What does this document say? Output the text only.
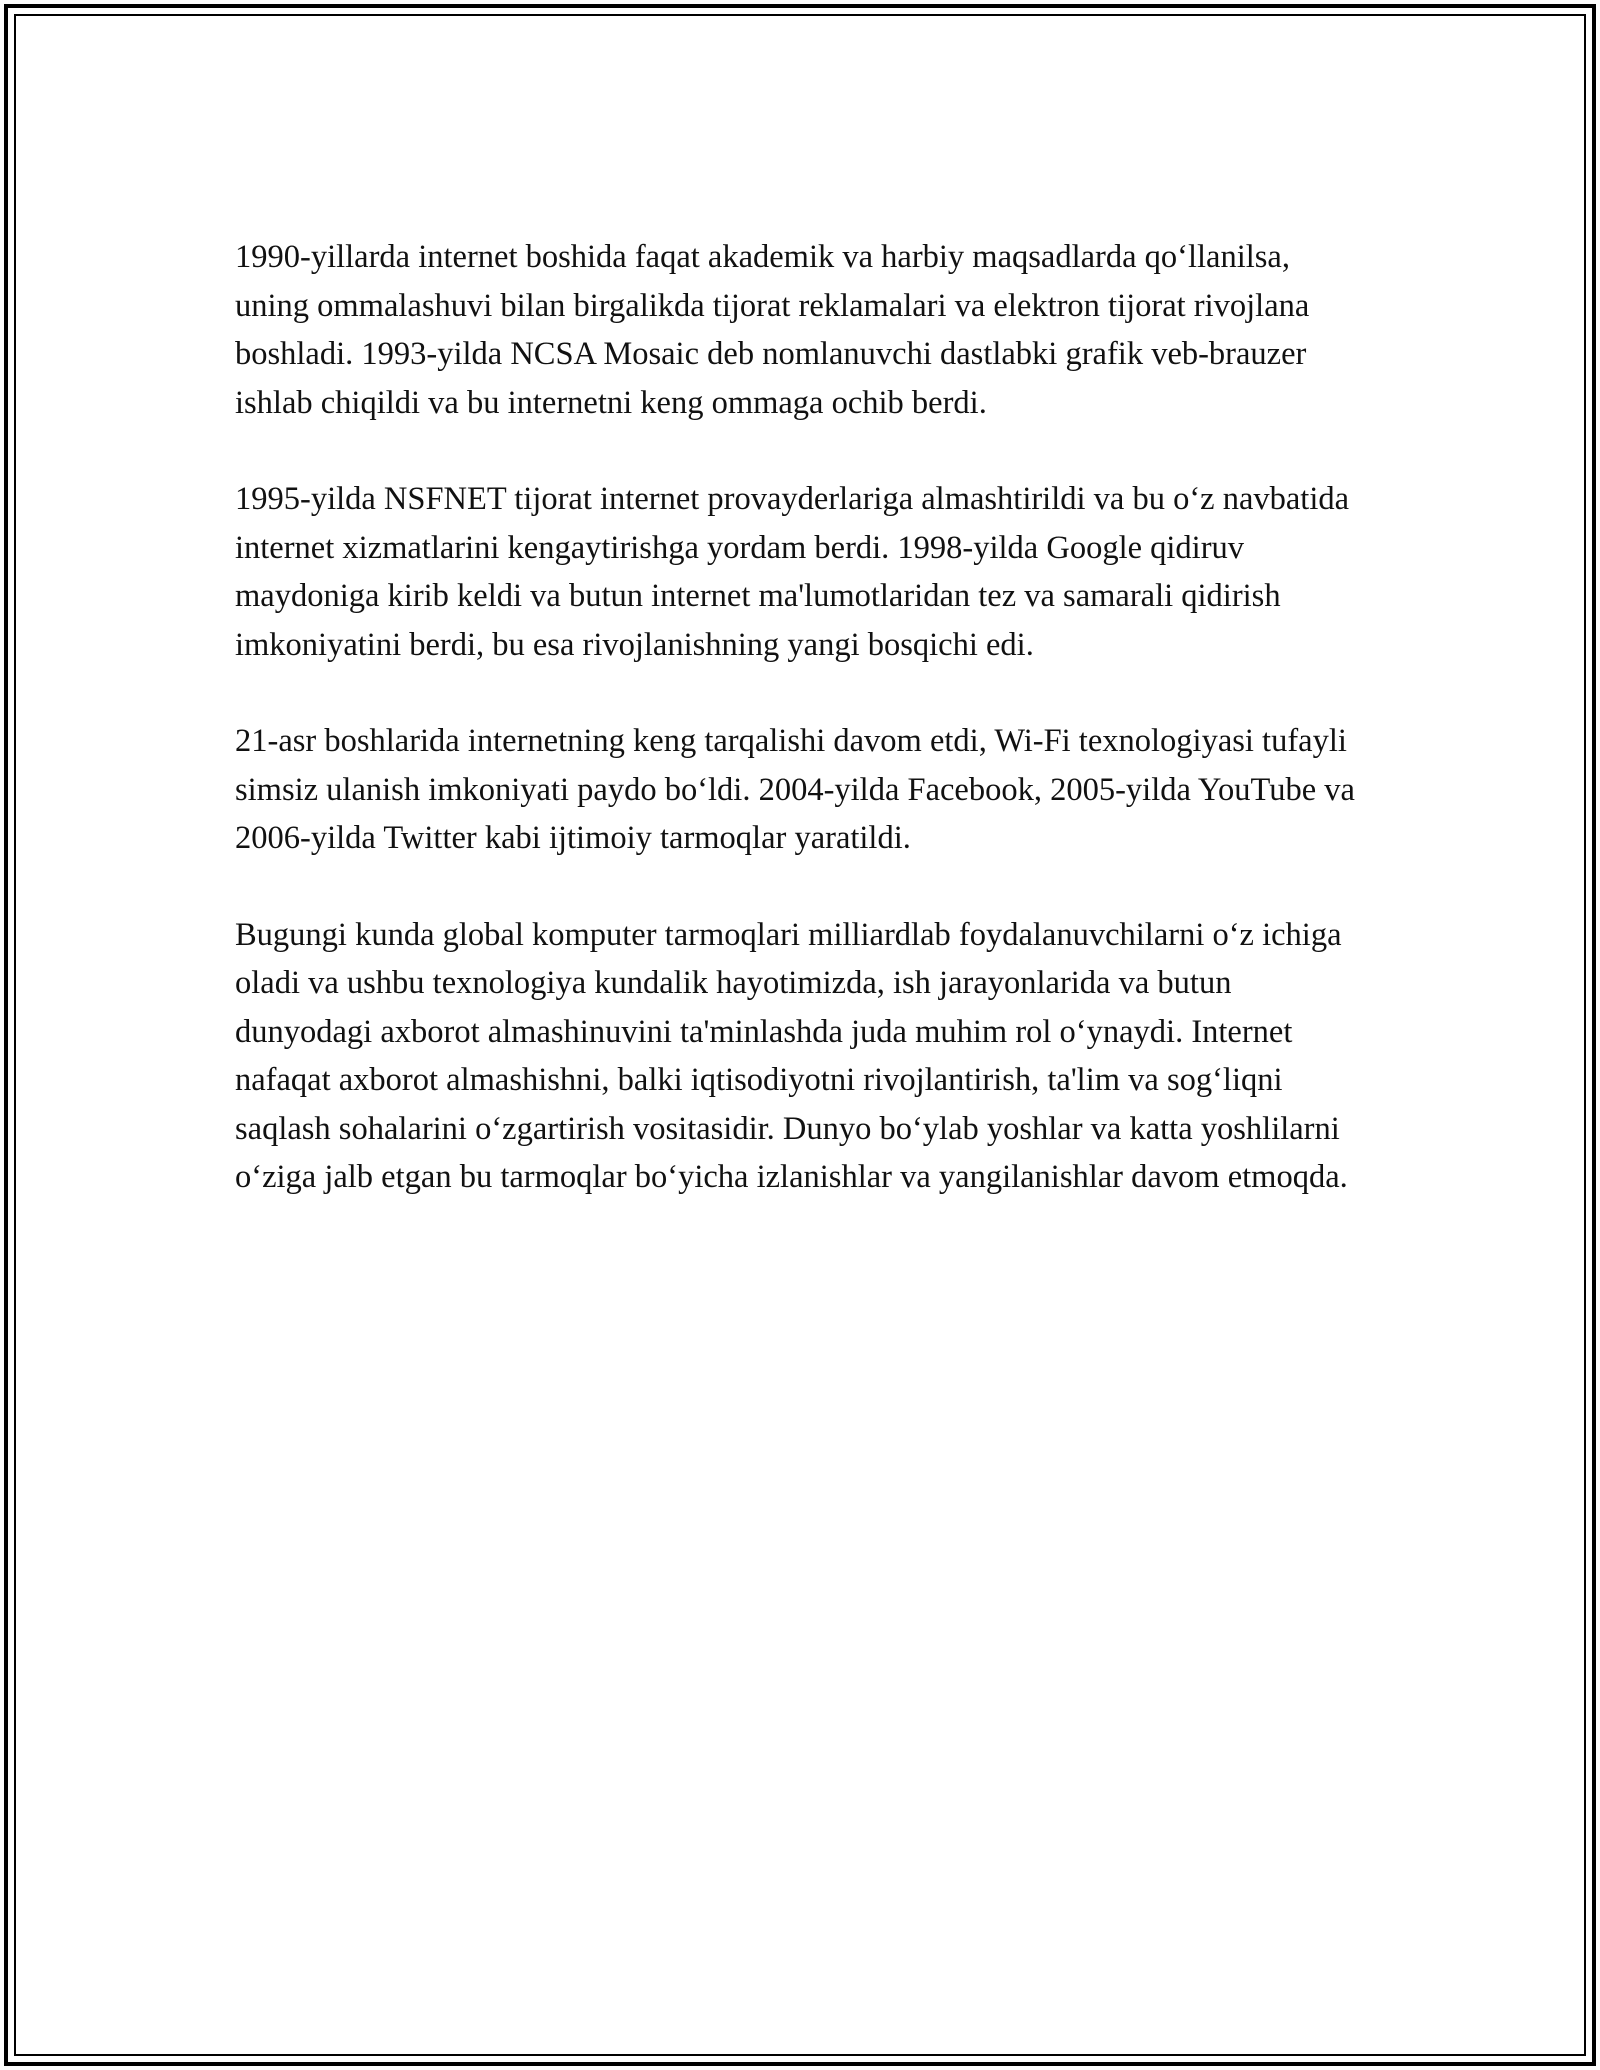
1990-yillarda internet boshida faqat akademik va harbiy maqsadlarda qo‘llanilsa, uning ommalashuvi bilan birgalikda tijorat reklamalari va elektron tijorat rivojlana boshladi. 1993-yilda NCSA Mosaic deb nomlanuvchi dastlabki grafik veb-brauzer ishlab chiqildi va bu internetni keng ommaga ochib berdi.

1995-yilda NSFNET tijorat internet provayderlariga almashtirildi va bu o‘z navbatida internet xizmatlarini kengaytirishga yordam berdi. 1998-yilda Google qidiruv maydoniga kirib keldi va butun internet ma'lumotlaridan tez va samarali qidirish imkoniyatini berdi, bu esa rivojlanishning yangi bosqichi edi.

21-asr boshlarida internetning keng tarqalishi davom etdi, Wi-Fi texnologiyasi tufayli simsiz ulanish imkoniyati paydo bo‘ldi. 2004-yilda Facebook, 2005-yilda YouTube va 2006-yilda Twitter kabi ijtimoiy tarmoqlar yaratildi.

Bugungi kunda global komputer tarmoqlari milliardlab foydalanuvchilarni o‘z ichiga oladi va ushbu texnologiya kundalik hayotimizda, ish jarayonlarida va butun dunyodagi axborot almashinuvini ta'minlashda juda muhim rol o‘ynaydi. Internet nafaqat axborot almashishni, balki iqtisodiyotni rivojlantirish, ta'lim va sog‘liqni saqlash sohalarini o‘zgartirish vositasidir. Dunyo bo‘ylab yoshlar va katta yoshlilarni o‘ziga jalb etgan bu tarmoqlar bo‘yicha izlanishlar va yangilanishlar davom etmoqda.
